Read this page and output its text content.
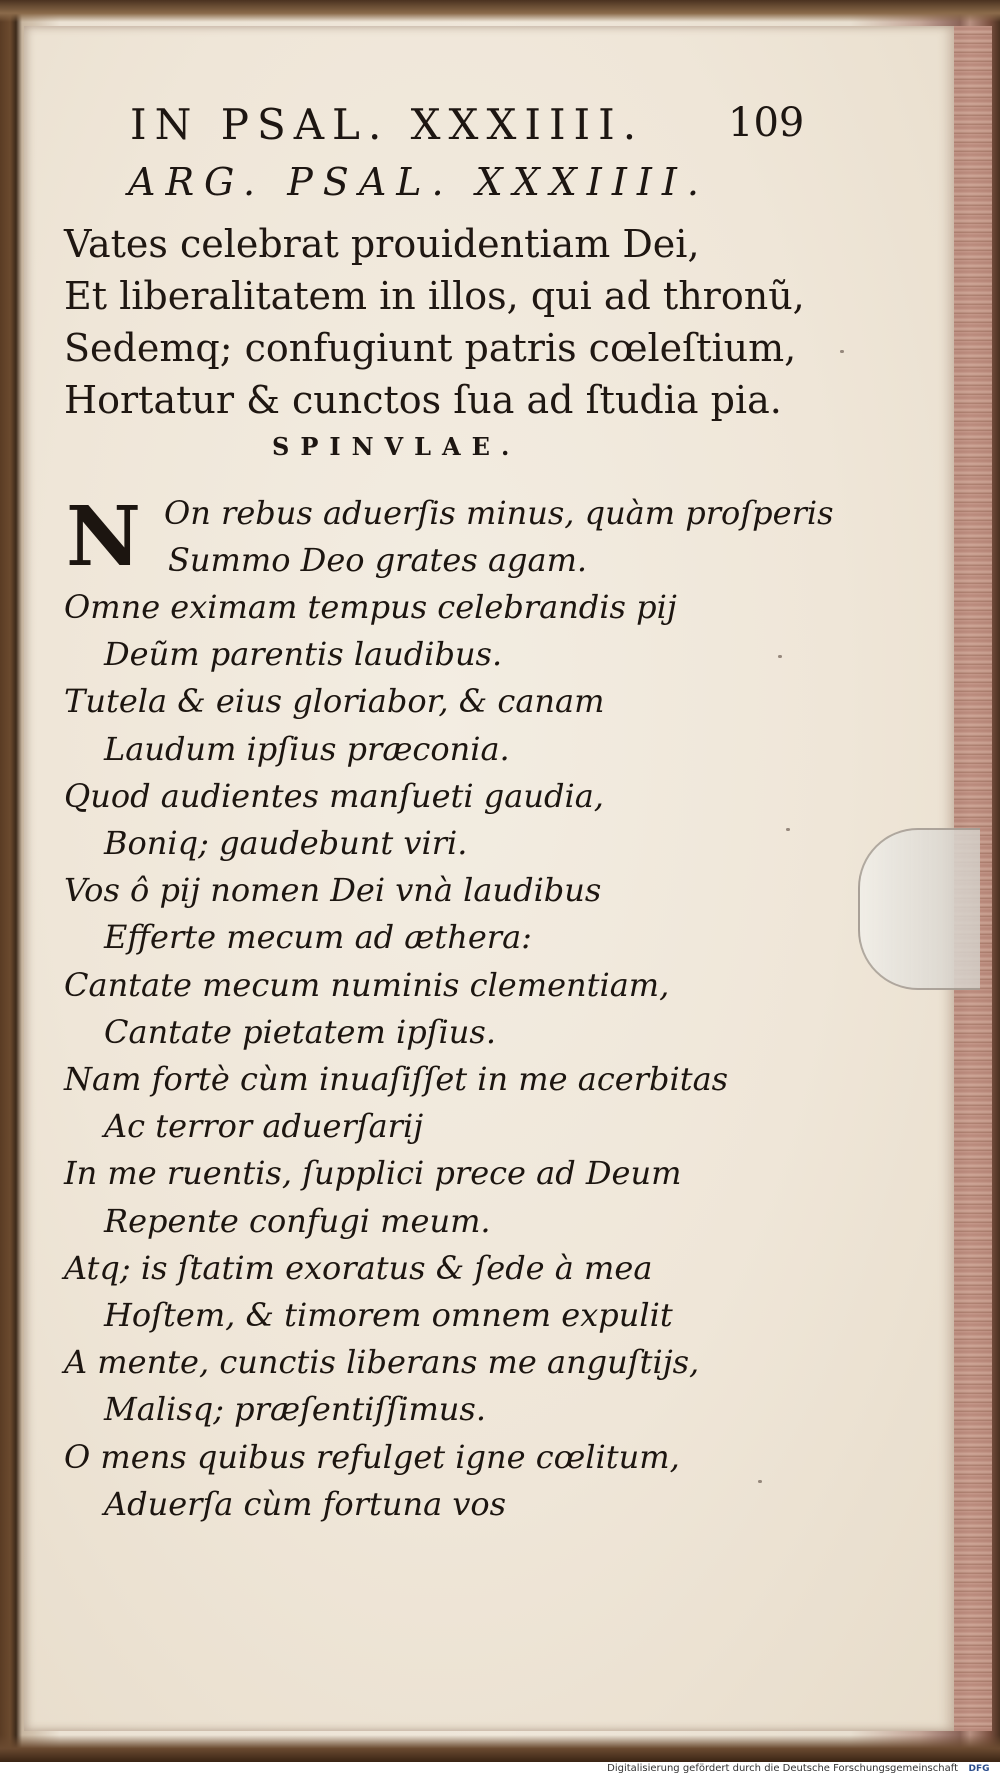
IN PSAL. XXXIIII.	109
ARG. PSAL. XXXIIII.
Vates celebrat prouidentiam Dei,
Et liberalitatem in illos, qui ad thronũ,
Sedemq; confugiunt patris cœleſtium,
Hortatur & cunctos ſua ad ſtudia pia.
SPINVLAE.
N On rebus aduerſis minus, quàm proſperis
Summo Deo grates agam.
Omne eximam tempus celebrandis pij
Deũm parentis laudibus.
Tutela & eius gloriabor, & canam
Laudum ipſius præconia.
Quod audientes manſueti gaudia,
Boniq; gaudebunt viri.
Vos ô pij nomen Dei vnà laudibus
Efferte mecum ad æthera:
Cantate mecum numinis clementiam,
Cantate pietatem ipſius.
Nam fortè cùm inuaſiſſet in me acerbitas
Ac terror aduerſarij
In me ruentis, ſupplici prece ad Deum
Repente confugi meum.
Atq; is ſtatim exoratus & ſede à mea
Hoſtem, & timorem omnem expulit
A mente, cunctis liberans me anguſtijs,
Malisq; præſentiſſimus.
O mens quibus refulget igne cœlitum,
Aduerſa cùm fortuna vos
Digitalisierung gefördert durch die Deutsche Forschungsgemeinschaft	DFG
